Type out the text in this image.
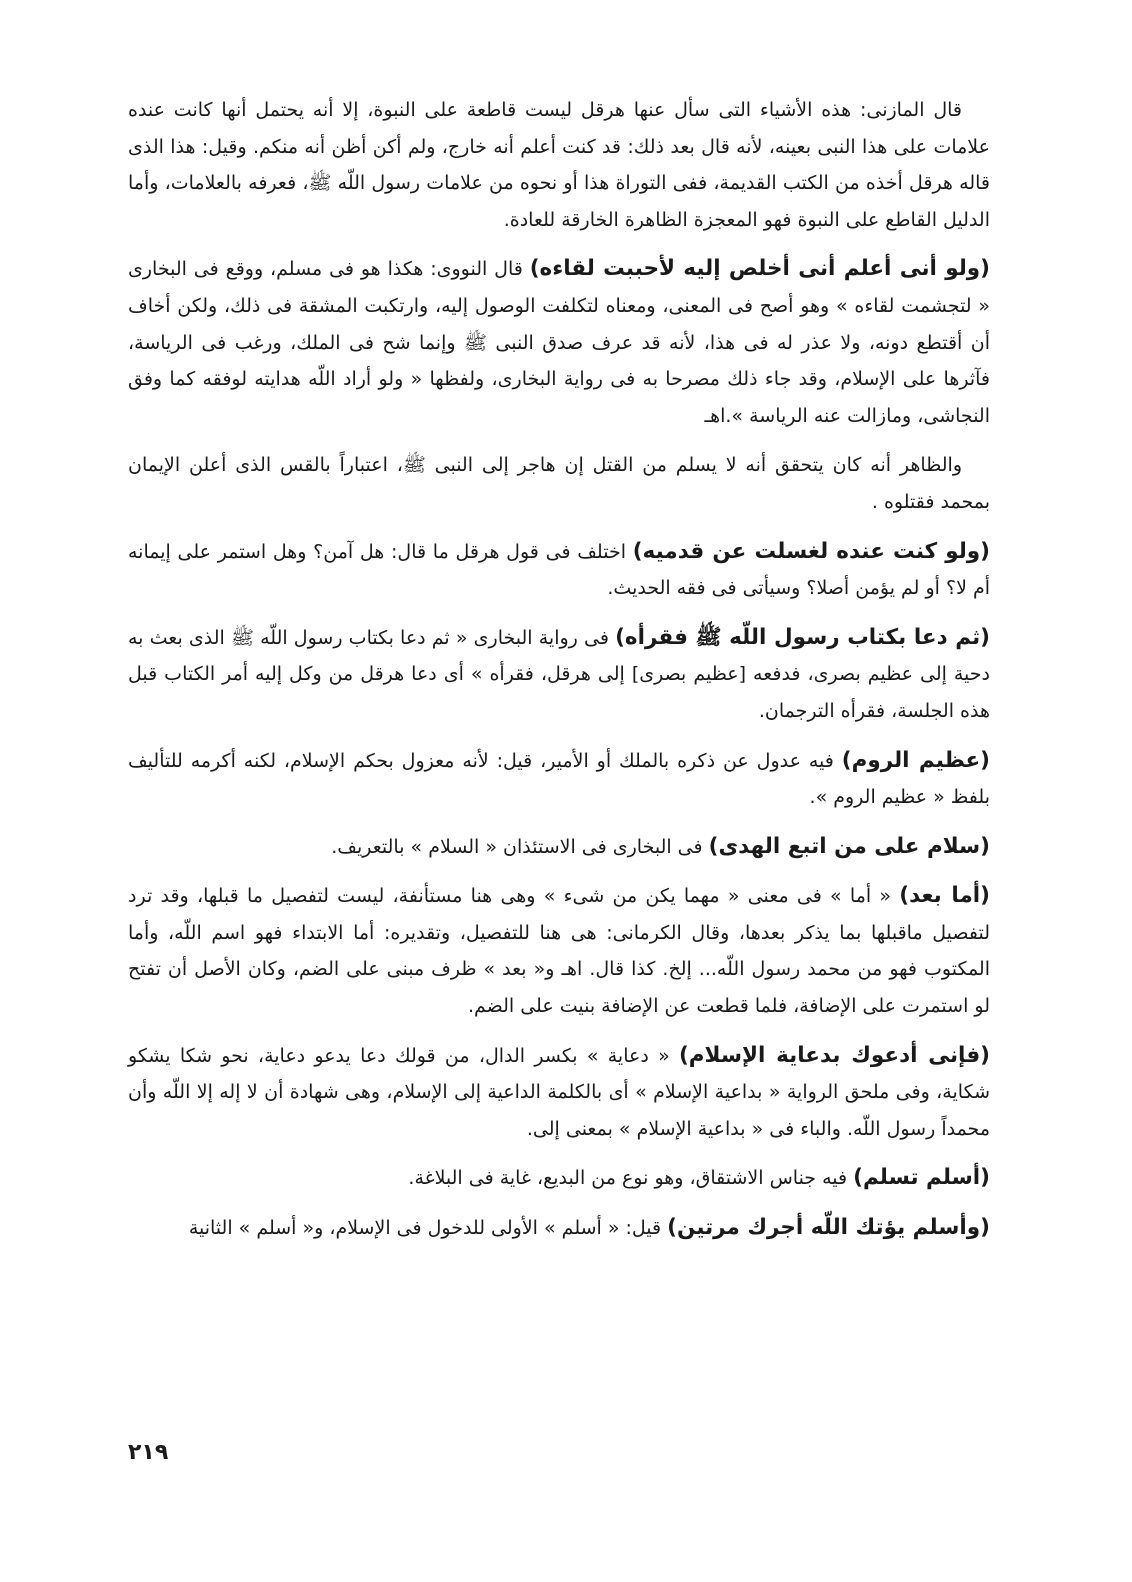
قال المازنى: هذه الأشياء التى سأل عنها هرقل ليست قاطعة على النبوة، إلا أنه يحتمل أنها كانت عنده علامات على هذا النبى بعينه، لأنه قال بعد ذلك: قد كنت أعلم أنه خارج، ولم أكن أظن أنه منكم. وقيل: هذا الذى قاله هرقل أخذه من الكتب القديمة، ففى التوراة هذا أو نحوه من علامات رسول اللّه ﷺ، فعرفه بالعلامات، وأما الدليل القاطع على النبوة فهو المعجزة الظاهرة الخارقة للعادة.

(ولو أنى أعلم أنى أخلص إليه لأحببت لقاءه) قال النووى: هكذا هو فى مسلم، ووقع فى البخارى « لتجشمت لقاءه » وهو أصح فى المعنى، ومعناه لتكلفت الوصول إليه، وارتكبت المشقة فى ذلك، ولكن أخاف أن أقتطع دونه، ولا عذر له فى هذا، لأنه قد عرف صدق النبى ﷺ وإنما شح فى الملك، ورغب فى الرياسة، فآثرها على الإسلام، وقد جاء ذلك مصرحا به فى رواية البخارى، ولفظها « ولو أراد اللّه هدايته لوفقه كما وفق النجاشى، ومازالت عنه الرياسة ».اهـ

والظاهر أنه كان يتحقق أنه لا يسلم من القتل إن هاجر إلى النبى ﷺ، اعتباراً بالقس الذى أعلن الإيمان بمحمد فقتلوه .

(ولو كنت عنده لغسلت عن قدميه) اختلف فى قول هرقل ما قال: هل آمن؟ وهل استمر على إيمانه أم لا؟ أو لم يؤمن أصلا؟ وسيأتى فى فقه الحديث.

(ثم دعا بكتاب رسول اللّه ﷺ فقرأه) فى رواية البخارى « ثم دعا بكتاب رسول اللّه ﷺ الذى بعث به دحية إلى عظيم بصرى، فدفعه [عظيم بصرى] إلى هرقل، فقرأه » أى دعا هرقل من وكل إليه أمر الكتاب قبل هذه الجلسة، فقرأه الترجمان.

(عظيم الروم) فيه عدول عن ذكره بالملك أو الأمير، قيل: لأنه معزول بحكم الإسلام، لكنه أكرمه للتأليف بلفظ « عظيم الروم ».

(سلام على من اتبع الهدى) فى البخارى فى الاستئذان « السلام » بالتعريف.

(أما بعد) « أما » فى معنى « مهما يكن من شىء » وهى هنا مستأنفة، ليست لتفصيل ما قبلها، وقد ترد لتفصيل ماقبلها بما يذكر بعدها، وقال الكرمانى: هى هنا للتفصيل، وتقديره: أما الابتداء فهو اسم اللّه، وأما المكتوب فهو من محمد رسول اللّه... إلخ. كذا قال. اهـ و« بعد » ظرف مبنى على الضم، وكان الأصل أن تفتح لو استمرت على الإضافة، فلما قطعت عن الإضافة بنيت على الضم.

(فإنى أدعوك بدعاية الإسلام) « دعاية » بكسر الدال، من قولك دعا يدعو دعاية، نحو شكا يشكو شكاية، وفى ملحق الرواية « بداعية الإسلام » أى بالكلمة الداعية إلى الإسلام، وهى شهادة أن لا إله إلا اللّه وأن محمداً رسول اللّه. والباء فى « بداعية الإسلام » بمعنى إلى.

(أسلم تسلم) فيه جناس الاشتقاق، وهو نوع من البديع، غاية فى البلاغة.

(وأسلم يؤتك اللّه أجرك مرتين) قيل: « أسلم » الأولى للدخول فى الإسلام، و« أسلم » الثانية

٢١٩
